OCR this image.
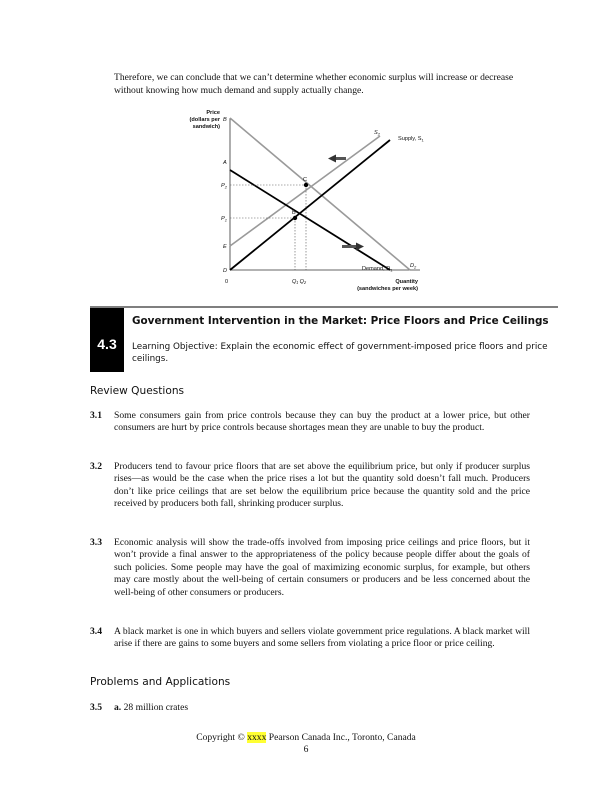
Therefore, we can conclude that we can’t determine whether economic surplus will increase or decrease without knowing how much demand and supply actually change.
Price
(dollars per
sandwich)
C
B
B
A
$P_2$
$P_1$
E
D
0	Q₁ Q₂	Quantity
(sandwiches per week)
$S_2$
Supply, $S_1$
Demand, $D_1$
$D_2$
4.3
Government Intervention in the Market: Price Floors and Price Ceilings
Learning Objective: Explain the economic effect of government-imposed price floors and price ceilings.
Review Questions
3.1 Some consumers gain from price controls because they can buy the product at a lower price, but other consumers are hurt by price controls because shortages mean they are unable to buy the product.
3.2 Producers tend to favour price floors that are set above the equilibrium price, but only if producer surplus rises—as would be the case when the price rises a lot but the quantity sold doesn’t fall much. Producers don’t like price ceilings that are set below the equilibrium price because the quantity sold and the price received by producers both fall, shrinking producer surplus.
3.3 Economic analysis will show the trade-offs involved from imposing price ceilings and price floors, but it won’t provide a final answer to the appropriateness of the policy because people differ about the goals of such policies. Some people may have the goal of maximizing economic surplus, for example, but others may care mostly about the well-being of certain consumers or producers and be less concerned about the well-being of other consumers or producers.
3.4 A black market is one in which buyers and sellers violate government price regulations. A black market will arise if there are gains to some buyers and some sellers from violating a price floor or price ceiling.
Problems and Applications
3.5 a. 28 million crates
Copyright © xxxx Pearson Canada Inc., Toronto, Canada
6
